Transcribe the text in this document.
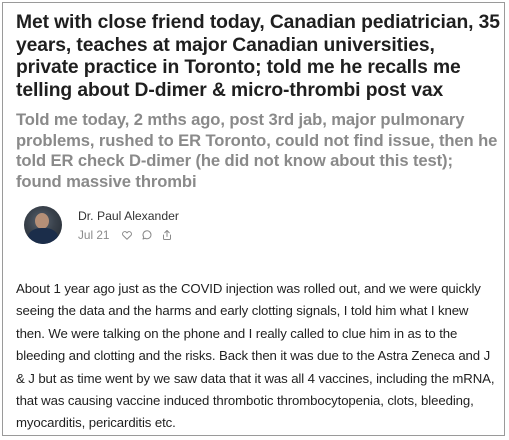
Met with close friend today, Canadian pediatrician, 35 years, teaches at major Canadian universities, private practice in Toronto; told me he recalls me telling about D-dimer & micro-thrombi post vax
Told me today, 2 mths ago, post 3rd jab, major pulmonary problems, rushed to ER Toronto, could not find issue, then he told ER check D-dimer (he did not know about this test); found massive thrombi
Dr. Paul Alexander
Jul 21

About 1 year ago just as the COVID injection was rolled out, and we were quickly seeing the data and the harms and early clotting signals, I told him what I knew then. We were talking on the phone and I really called to clue him in as to the bleeding and clotting and the risks. Back then it was due to the Astra Zeneca and J & J but as time went by we saw data that it was all 4 vaccines, including the mRNA, that was causing vaccine induced thrombotic thrombocytopenia, clots, bleeding, myocarditis, pericarditis etc.
